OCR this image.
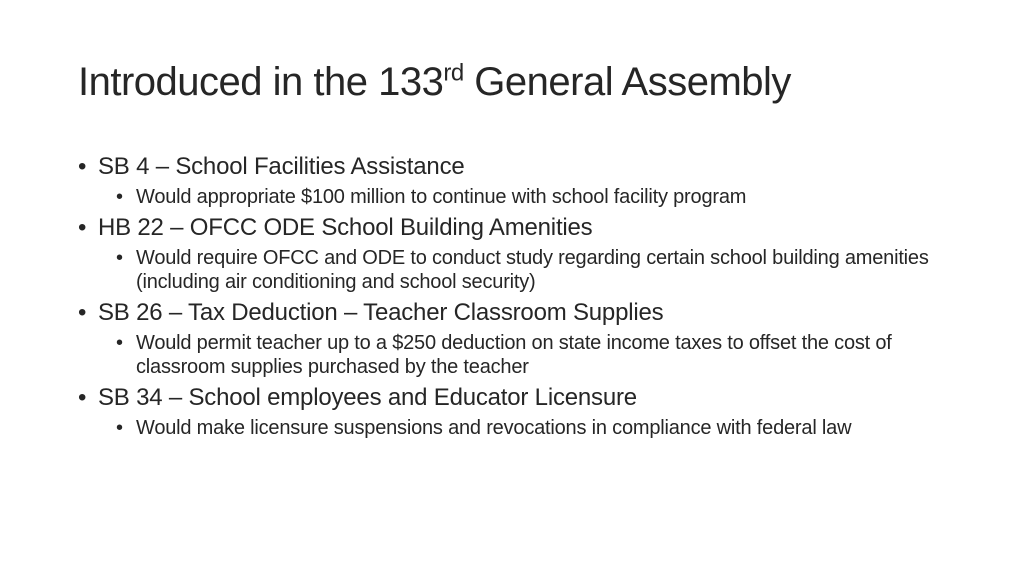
Introduced in the 133rd General Assembly
• SB 4 – School Facilities Assistance
• Would appropriate $100 million to continue with school facility program
• HB 22 – OFCC ODE School Building Amenities
• Would require OFCC and ODE to conduct study regarding certain school building amenities (including air conditioning and school security)
• SB 26 – Tax Deduction – Teacher Classroom Supplies
• Would permit teacher up to a $250 deduction on state income taxes to offset the cost of classroom supplies purchased by the teacher
• SB 34 – School employees and Educator Licensure
• Would make licensure suspensions and revocations in compliance with federal law
